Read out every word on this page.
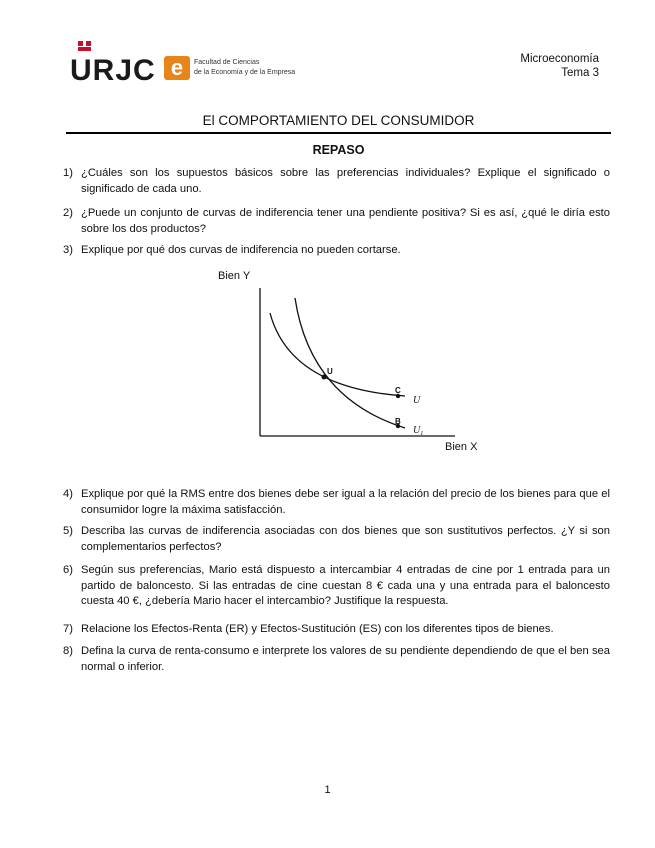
URJC e	Facultad de Ciencias
de la Economía y de la Empresa
Microeconomía
Tema 3
El COMPORTAMIENTO DEL CONSUMIDOR
REPASO
1) ¿Cuáles son los supuestos básicos sobre las preferencias individuales? Explique el significado o significado de cada uno.
2) ¿Puede un conjunto de curvas de indiferencia tener una pendiente positiva? Si es así, ¿qué le diría esto sobre los dos productos?
3) Explique por qué dos curvas de indiferencia no pueden cortarse.
Bien Y
Bien X
U
C
B
U
$U_1$
4) Explique por qué la RMS entre dos bienes debe ser igual a la relación del precio de los bienes para que el consumidor logre la máxima satisfacción.
5) Describa las curvas de indiferencia asociadas con dos bienes que son sustitutivos perfectos. ¿Y si son complementarios perfectos?
6) Según sus preferencias, Mario está dispuesto a intercambiar 4 entradas de cine por 1 entrada para un partido de baloncesto. Si las entradas de cine cuestan 8 € cada una y una entrada para el baloncesto cuesta 40 €, ¿debería Mario hacer el intercambio? Justifique la respuesta.
7) Relacione los Efectos-Renta (ER) y Efectos-Sustitución (ES) con los diferentes tipos de bienes.
8) Defina la curva de renta-consumo e interprete los valores de su pendiente dependiendo de que el ben sea normal o inferior.
1
